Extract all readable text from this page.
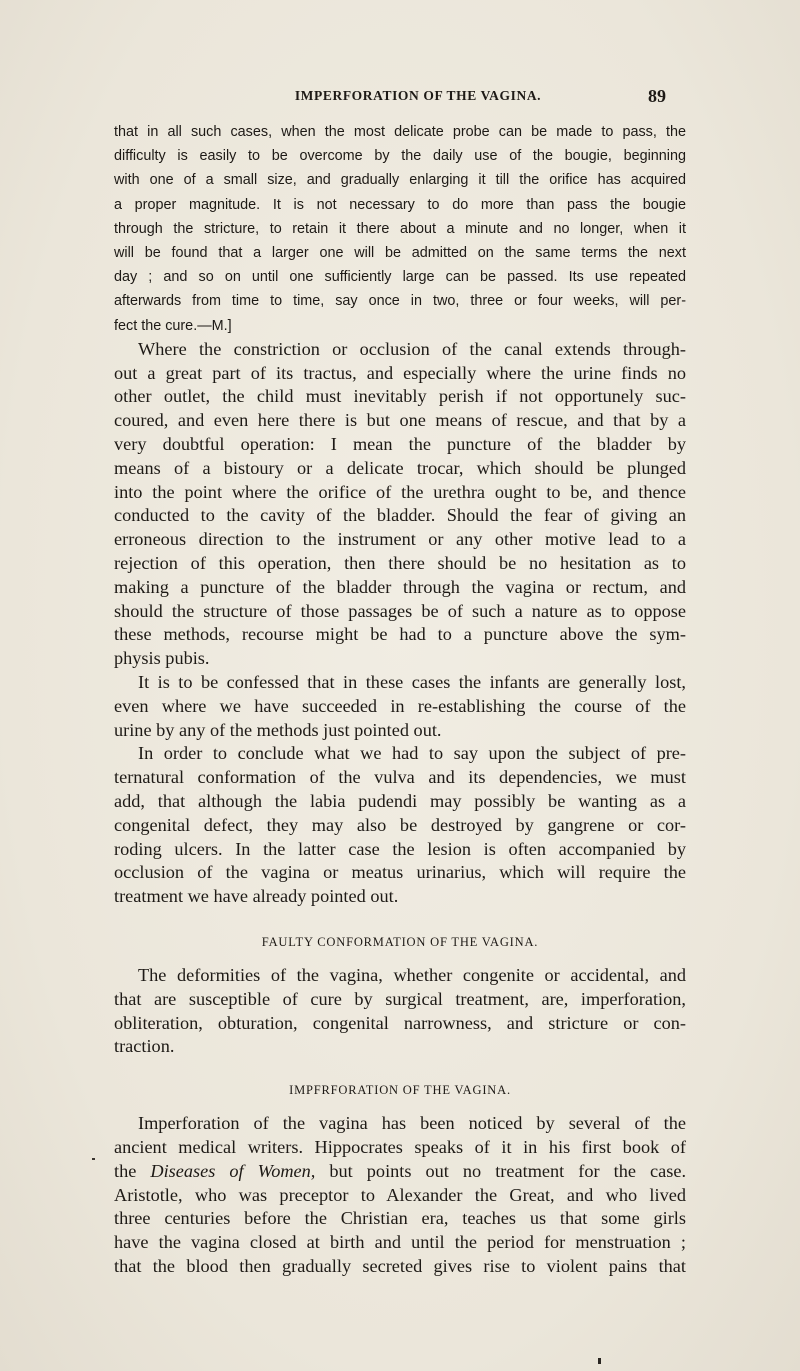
IMPERFORATION OF THE VAGINA.	89
that in all such cases, when the most delicate probe can be made to pass, the
difficulty is easily to be overcome by the daily use of the bougie, beginning
with one of a small size, and gradually enlarging it till the orifice has acquired
a proper magnitude. It is not necessary to do more than pass the bougie
through the stricture, to retain it there about a minute and no longer, when it
will be found that a larger one will be admitted on the same terms the next
day ; and so on until one sufficiently large can be passed. Its use repeated
afterwards from time to time, say once in two, three or four weeks, will per-
fect the cure.—M.]
Where the constriction or occlusion of the canal extends through-
out a great part of its tractus, and especially where the urine finds no
other outlet, the child must inevitably perish if not opportunely suc-
coured, and even here there is but one means of rescue, and that by a
very doubtful operation: I mean the puncture of the bladder by
means of a bistoury or a delicate trocar, which should be plunged
into the point where the orifice of the urethra ought to be, and thence
conducted to the cavity of the bladder. Should the fear of giving an
erroneous direction to the instrument or any other motive lead to a
rejection of this operation, then there should be no hesitation as to
making a puncture of the bladder through the vagina or rectum, and
should the structure of those passages be of such a nature as to oppose
these methods, recourse might be had to a puncture above the sym-
physis pubis.
It is to be confessed that in these cases the infants are generally lost,
even where we have succeeded in re-establishing the course of the
urine by any of the methods just pointed out.
In order to conclude what we had to say upon the subject of pre-
ternatural conformation of the vulva and its dependencies, we must
add, that although the labia pudendi may possibly be wanting as a
congenital defect, they may also be destroyed by gangrene or cor-
roding ulcers. In the latter case the lesion is often accompanied by
occlusion of the vagina or meatus urinarius, which will require the
treatment we have already pointed out.
FAULTY CONFORMATION OF THE VAGINA.
The deformities of the vagina, whether congenite or accidental, and
that are susceptible of cure by surgical treatment, are, imperforation,
obliteration, obturation, congenital narrowness, and stricture or con-
traction.
IMPFRFORATION OF THE VAGINA.
Imperforation of the vagina has been noticed by several of the
ancient medical writers. Hippocrates speaks of it in his first book of
the Diseases of Women, but points out no treatment for the case.
Aristotle, who was preceptor to Alexander the Great, and who lived
three centuries before the Christian era, teaches us that some girls
have the vagina closed at birth and until the period for menstruation ;
that the blood then gradually secreted gives rise to violent pains that
